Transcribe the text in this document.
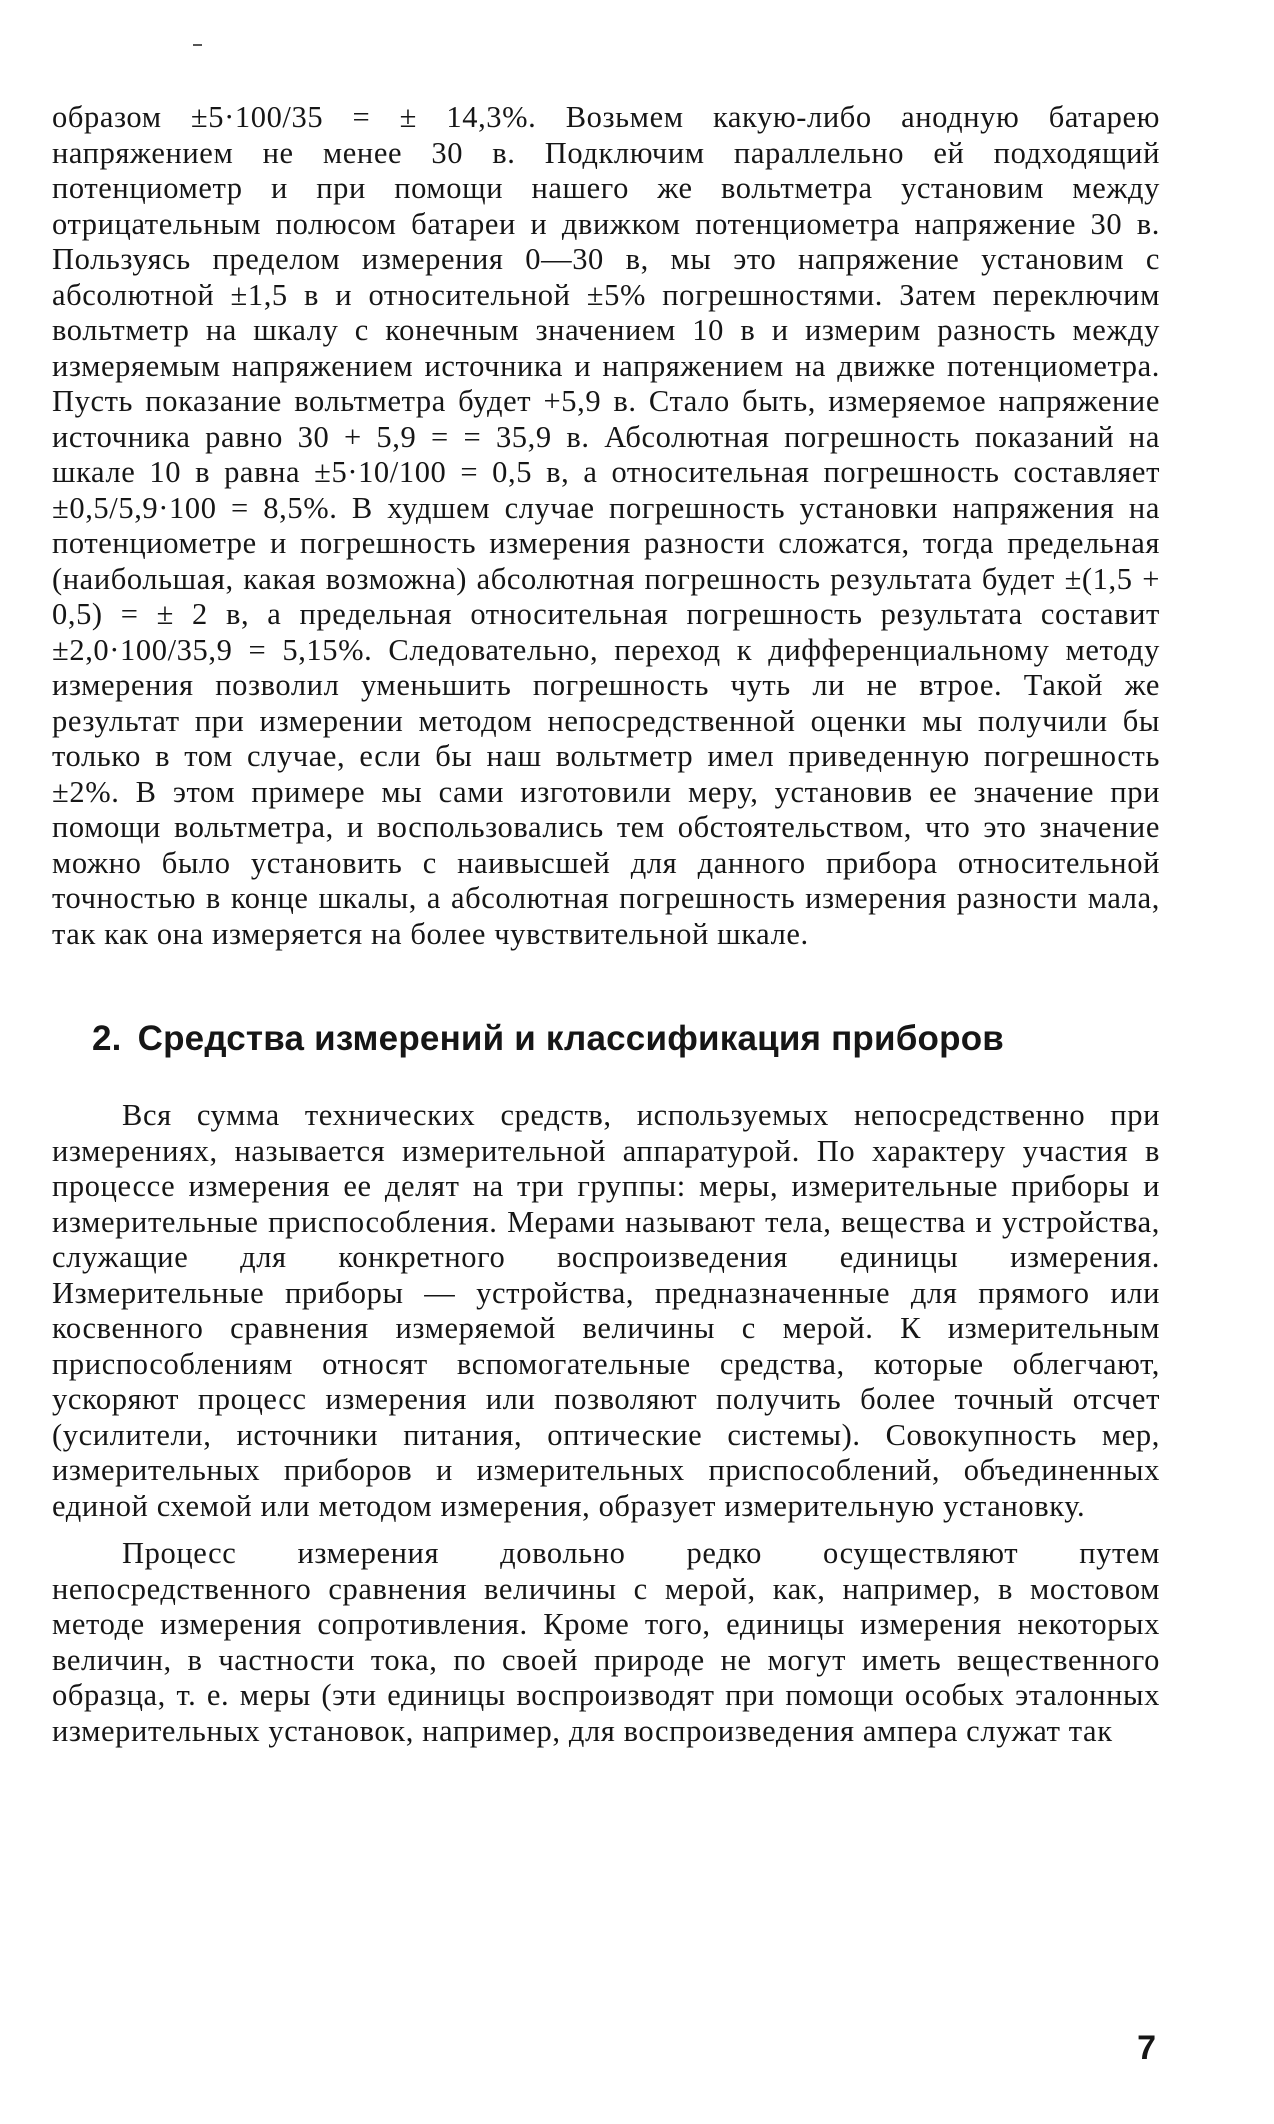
образом ±5·100/35 = ± 14,3%. Возьмем какую-либо анодную батарею напряжением не менее 30 в. Подключим параллельно ей подходящий потенциометр и при помощи нашего же вольтметра установим между отрицательным полюсом батареи и движком потенциометра напряжение 30 в. Пользуясь пределом измерения 0—30 в, мы это напряжение установим с абсолютной ±1,5 в и относительной ±5% погрешностями. Затем переключим вольтметр на шкалу с конечным значением 10 в и измерим разность между измеряемым напряжением источника и напряжением на движке потенциометра. Пусть показание вольтметра будет +5,9 в. Стало быть, измеряемое напряжение источника равно 30 + 5,9 = = 35,9 в. Абсолютная погрешность показаний на шкале 10 в равна ±5·10/100 = 0,5 в, а относительная погрешность составляет ±0,5/5,9·100 = 8,5%. В худшем случае погрешность установки напряжения на потенциометре и погрешность измерения разности сложатся, тогда предельная (наибольшая, какая возможна) абсолютная погрешность результата будет ±(1,5 + 0,5) = ± 2 в, а предельная относительная погрешность результата составит ±2,0·100/35,9 = 5,15%. Следовательно, переход к дифференциальному методу измерения позволил уменьшить погрешность чуть ли не втрое. Такой же результат при измерении методом непосредственной оценки мы получили бы только в том случае, если бы наш вольтметр имел приведенную погрешность ±2%. В этом примере мы сами изготовили меру, установив ее значение при помощи вольтметра, и воспользовались тем обстоятельством, что это значение можно было установить с наивысшей для данного прибора относительной точностью в конце шкалы, а абсолютная погрешность измерения разности мала, так как она измеряется на более чувствительной шкале.

2. Средства измерений и классификация приборов

Вся сумма технических средств, используемых непосредственно при измерениях, называется измерительной аппаратурой. По характеру участия в процессе измерения ее делят на три группы: меры, измерительные приборы и измерительные приспособления. Мерами называют тела, вещества и устройства, служащие для конкретного воспроизведения единицы измерения. Измерительные приборы — устройства, предназначенные для прямого или косвенного сравнения измеряемой величины с мерой. К измерительным приспособлениям относят вспомогательные средства, которые облегчают, ускоряют процесс измерения или позволяют получить более точный отсчет (усилители, источники питания, оптические системы). Совокупность мер, измерительных приборов и измерительных приспособлений, объединенных единой схемой или методом измерения, образует измерительную установку.

Процесс измерения довольно редко осуществляют путем непосредственного сравнения величины с мерой, как, например, в мостовом методе измерения сопротивления. Кроме того, единицы измерения некоторых величин, в частности тока, по своей природе не могут иметь вещественного образца, т. е. меры (эти единицы воспроизводят при помощи особых эталонных измерительных установок, например, для воспроизведения ампера служат так

7
